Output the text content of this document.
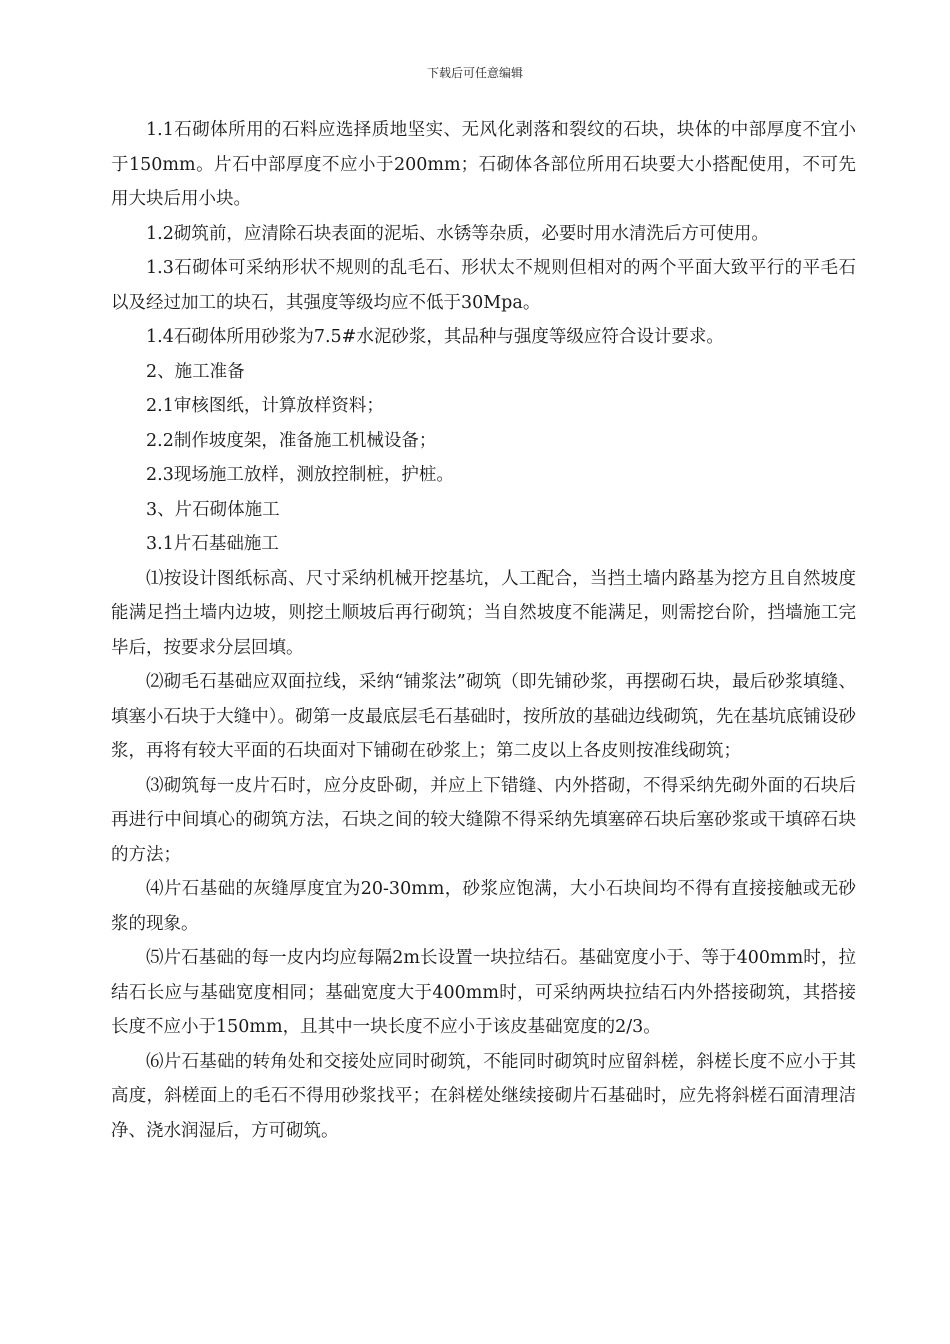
下载后可任意编辑

1.1石砌体所用的石料应选择质地坚实、无风化剥落和裂纹的石块，块体的中部厚度不宜小于150mm。片石中部厚度不应小于200mm；石砌体各部位所用石块要大小搭配使用，不可先用大块后用小块。

1.2砌筑前，应清除石块表面的泥垢、水锈等杂质，必要时用水清洗后方可使用。

1.3石砌体可采纳形状不规则的乱毛石、形状太不规则但相对的两个平面大致平行的平毛石以及经过加工的块石，其强度等级均应不低于30Mpa。

1.4石砌体所用砂浆为7.5#水泥砂浆，其品种与强度等级应符合设计要求。

2、施工准备

2.1审核图纸，计算放样资料；

2.2制作坡度架，准备施工机械设备；

2.3现场施工放样，测放控制桩，护桩。

3、片石砌体施工

3.1片石基础施工

⑴按设计图纸标高、尺寸采纳机械开挖基坑，人工配合，当挡土墙内路基为挖方且自然坡度能满足挡土墙内边坡，则挖土顺坡后再行砌筑；当自然坡度不能满足，则需挖台阶，挡墙施工完毕后，按要求分层回填。

⑵砌毛石基础应双面拉线，采纳“铺浆法”砌筑（即先铺砂浆，再摆砌石块，最后砂浆填缝、填塞小石块于大缝中）。砌第一皮最底层毛石基础时，按所放的基础边线砌筑，先在基坑底铺设砂浆，再将有较大平面的石块面对下铺砌在砂浆上；第二皮以上各皮则按准线砌筑；

⑶砌筑每一皮片石时，应分皮卧砌，并应上下错缝、内外搭砌，不得采纳先砌外面的石块后再进行中间填心的砌筑方法，石块之间的较大缝隙不得采纳先填塞碎石块后塞砂浆或干填碎石块的方法；

⑷片石基础的灰缝厚度宜为20-30mm，砂浆应饱满，大小石块间均不得有直接接触或无砂浆的现象。

⑸片石基础的每一皮内均应每隔2m长设置一块拉结石。基础宽度小于、等于400mm时，拉结石长应与基础宽度相同；基础宽度大于400mm时，可采纳两块拉结石内外搭接砌筑，其搭接长度不应小于150mm，且其中一块长度不应小于该皮基础宽度的2/3。

⑹片石基础的转角处和交接处应同时砌筑，不能同时砌筑时应留斜槎，斜槎长度不应小于其高度，斜槎面上的毛石不得用砂浆找平；在斜槎处继续接砌片石基础时，应先将斜槎石面清理洁净、浇水润湿后，方可砌筑。
